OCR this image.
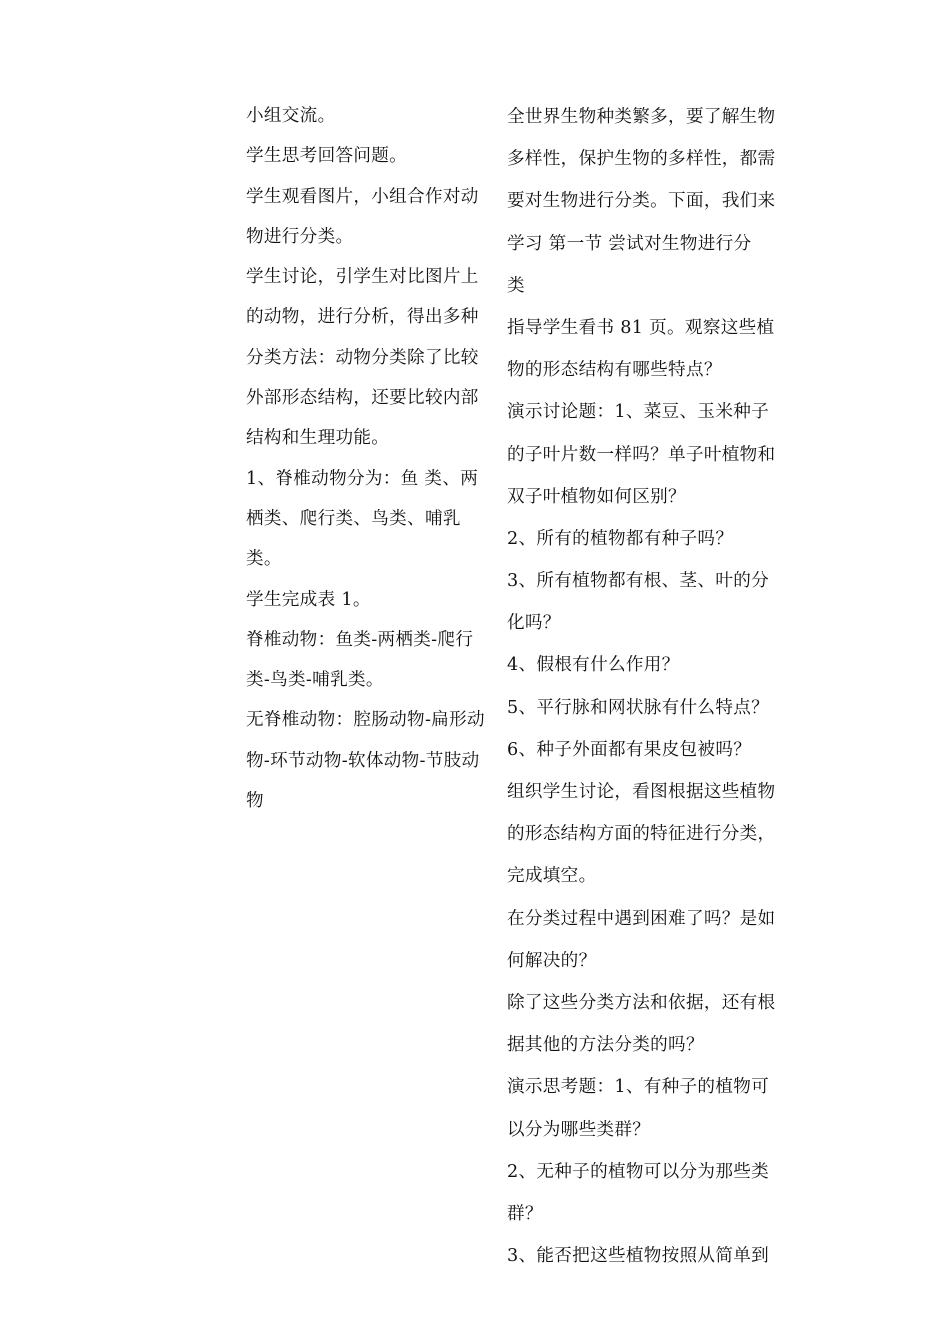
小组交流。
学生思考回答问题。
学生观看图片，小组合作对动
物进行分类。
学生讨论，引学生对比图片上
的动物，进行分析，得出多种
分类方法：动物分类除了比较
外部形态结构，还要比较内部
结构和生理功能。
1、脊椎动物分为：鱼 类、两
栖类、爬行类、鸟类、哺乳
类。
学生完成表 1。
脊椎动物：鱼类-两栖类-爬行
类-鸟类-哺乳类。
无脊椎动物：腔肠动物-扁形动
物-环节动物-软体动物-节肢动
物
全世界生物种类繁多，要了解生物
多样性，保护生物的多样性，都需
要对生物进行分类。下面，我们来
学习 第一节 尝试对生物进行分
类
指导学生看书 81 页。观察这些植
物的形态结构有哪些特点？
演示讨论题：1、菜豆、玉米种子
的子叶片数一样吗？单子叶植物和
双子叶植物如何区别？
2、所有的植物都有种子吗？
3、所有植物都有根、茎、叶的分
化吗？
4、假根有什么作用？
5、平行脉和网状脉有什么特点？
6、种子外面都有果皮包被吗？
组织学生讨论，看图根据这些植物
的形态结构方面的特征进行分类，
完成填空。
在分类过程中遇到困难了吗？是如
何解决的？
除了这些分类方法和依据，还有根
据其他的方法分类的吗？
演示思考题：1、有种子的植物可
以分为哪些类群？
2、无种子的植物可以分为那些类
群？
3、能否把这些植物按照从简单到
